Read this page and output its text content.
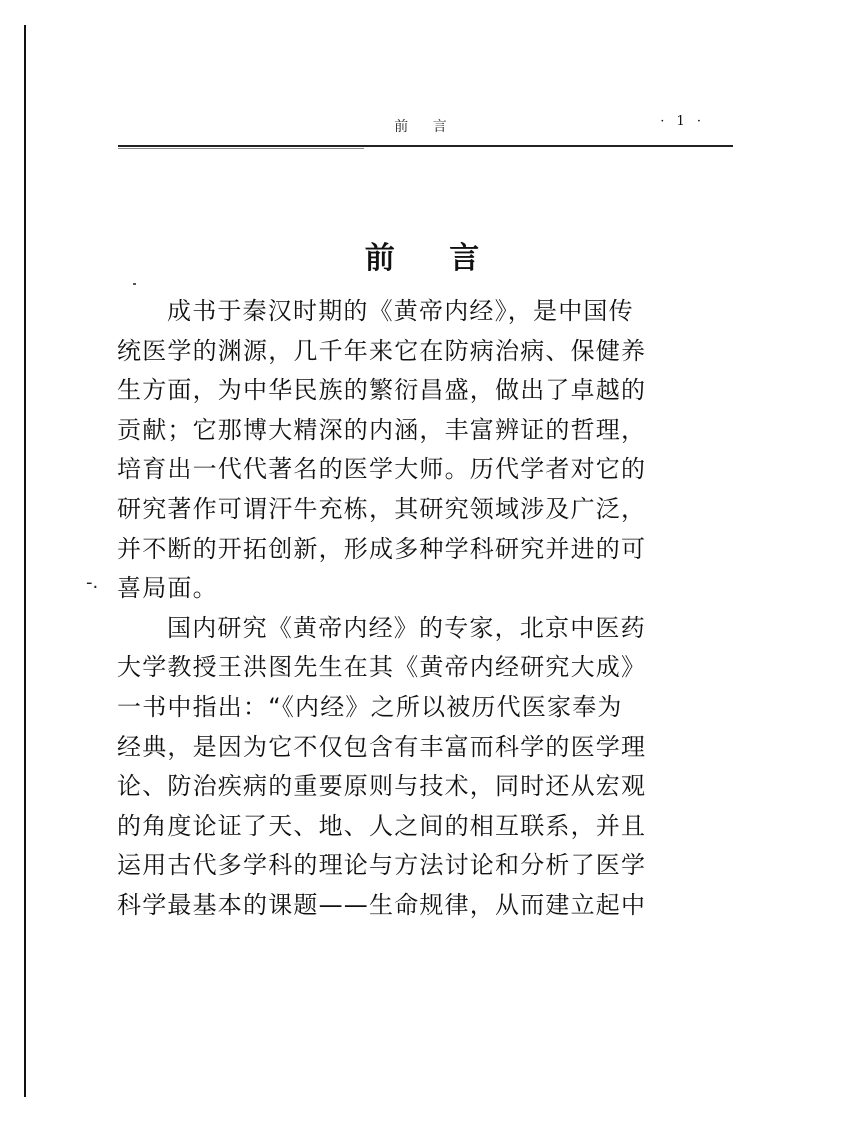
前 言	· 1 ·
前 言
-.
成书于秦汉时期的《黄帝内经》，是中国传
统医学的渊源，几千年来它在防病治病、保健养
生方面，为中华民族的繁衍昌盛，做出了卓越的
贡献；它那博大精深的内涵，丰富辨证的哲理，
培育出一代代著名的医学大师。历代学者对它的
研究著作可谓汗牛充栋，其研究领域涉及广泛，
并不断的开拓创新，形成多种学科研究并进的可
喜局面。
国内研究《黄帝内经》的专家，北京中医药
大学教授王洪图先生在其《黄帝内经研究大成》
一书中指出：“《内经》之所以被历代医家奉为
经典，是因为它不仅包含有丰富而科学的医学理
论、防治疾病的重要原则与技术，同时还从宏观
的角度论证了天、地、人之间的相互联系，并且
运用古代多学科的理论与方法讨论和分析了医学
科学最基本的课题——生命规律，从而建立起中
